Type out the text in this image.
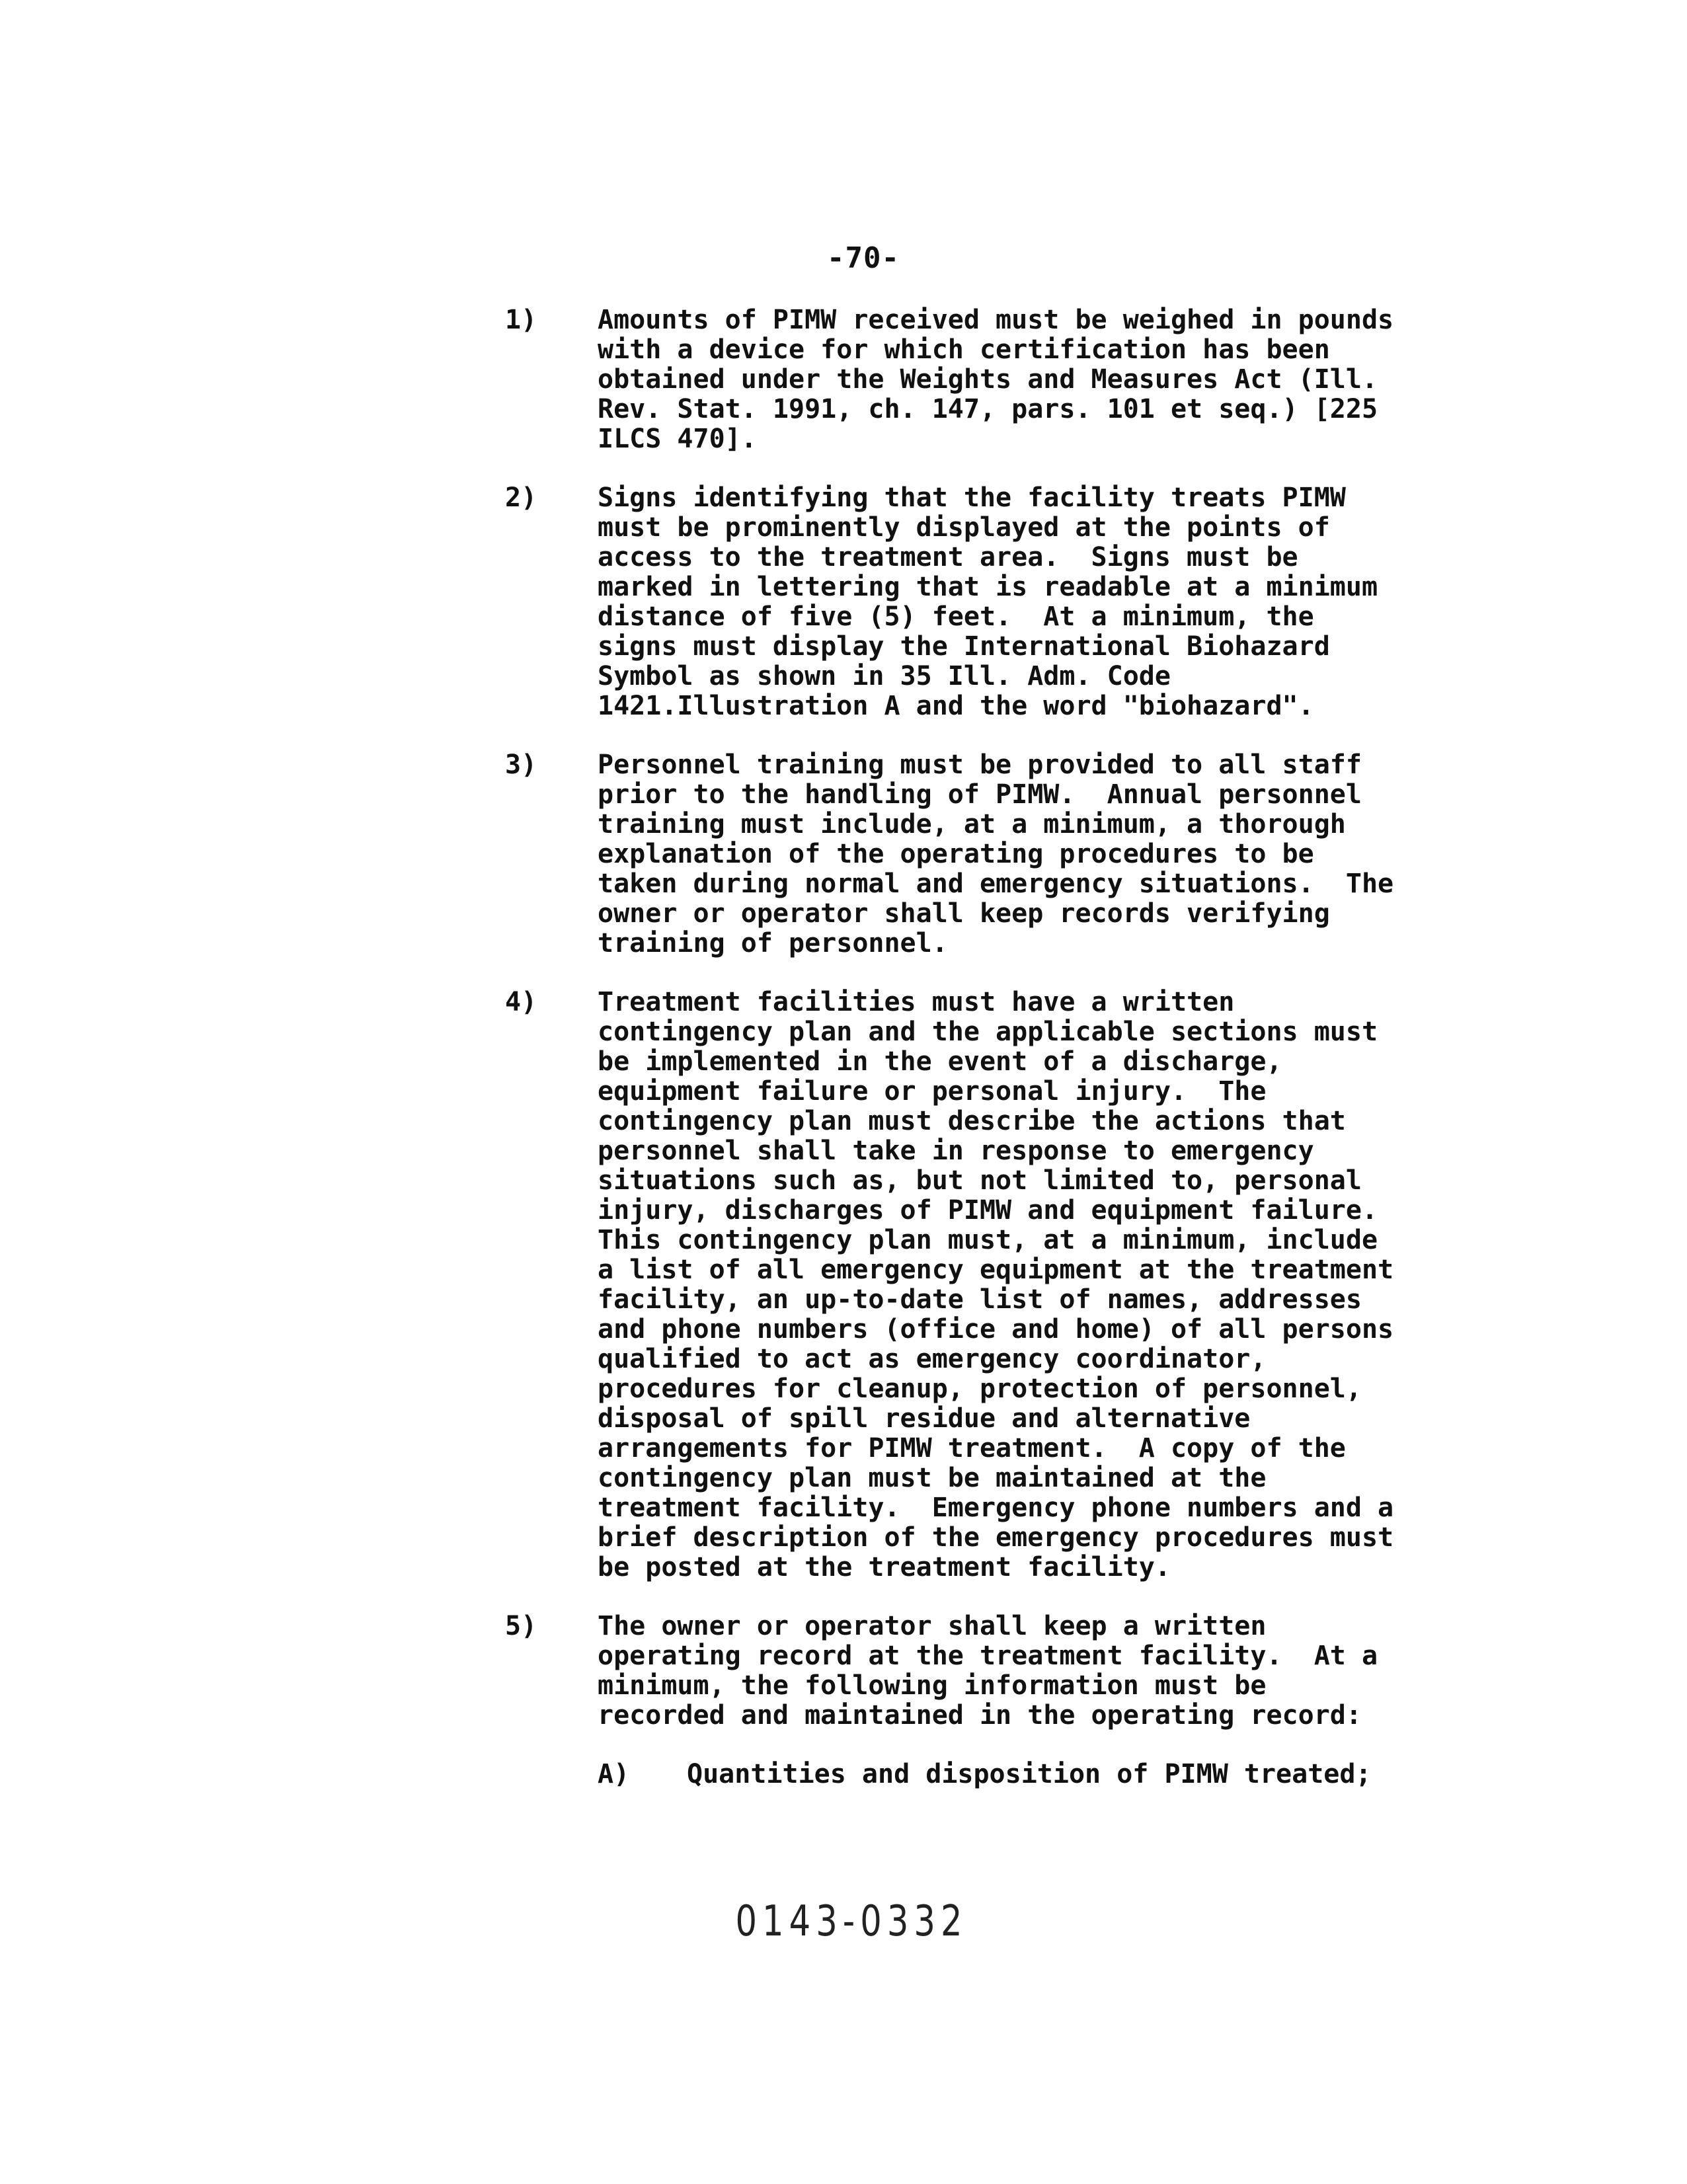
-70-
1) Amounts of PIMW received must be weighed in pounds
with a device for which certification has been
obtained under the Weights and Measures Act (Ill.
Rev. Stat. 1991, ch. 147, pars. 101 et seq.) [225
ILCS 470].
2) Signs identifying that the facility treats PIMW
must be prominently displayed at the points of
access to the treatment area.  Signs must be
marked in lettering that is readable at a minimum
distance of five (5) feet.  At a minimum, the
signs must display the International Biohazard
Symbol as shown in 35 Ill. Adm. Code
1421.Illustration A and the word "biohazard".
3) Personnel training must be provided to all staff
prior to the handling of PIMW.  Annual personnel
training must include, at a minimum, a thorough
explanation of the operating procedures to be
taken during normal and emergency situations.  The
owner or operator shall keep records verifying
training of personnel.
4) Treatment facilities must have a written
contingency plan and the applicable sections must
be implemented in the event of a discharge,
equipment failure or personal injury.  The
contingency plan must describe the actions that
personnel shall take in response to emergency
situations such as, but not limited to, personal
injury, discharges of PIMW and equipment failure.
This contingency plan must, at a minimum, include
a list of all emergency equipment at the treatment
facility, an up-to-date list of names, addresses
and phone numbers (office and home) of all persons
qualified to act as emergency coordinator,
procedures for cleanup, protection of personnel,
disposal of spill residue and alternative
arrangements for PIMW treatment.  A copy of the
contingency plan must be maintained at the
treatment facility.  Emergency phone numbers and a
brief description of the emergency procedures must
be posted at the treatment facility.
5) The owner or operator shall keep a written
operating record at the treatment facility.  At a
minimum, the following information must be
recorded and maintained in the operating record:
A) Quantities and disposition of PIMW treated;
0143-0332
